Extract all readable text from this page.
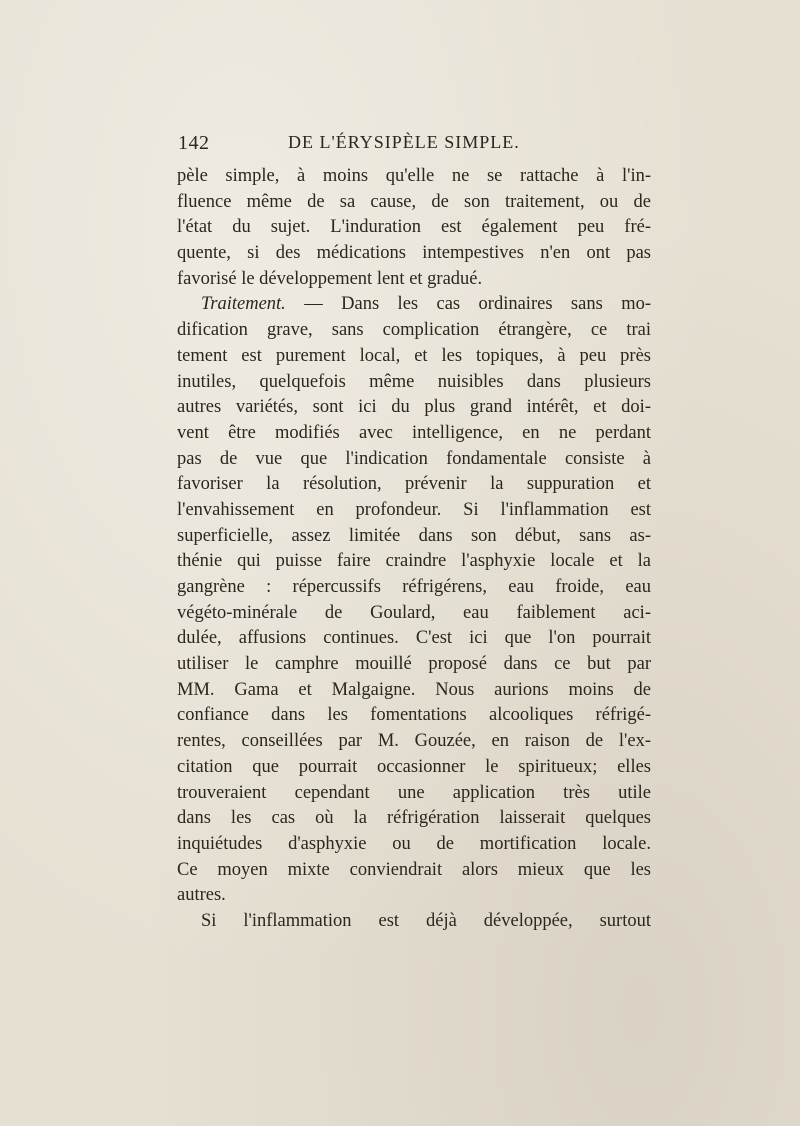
142	DE L'ÉRYSIPÈLE SIMPLE.
pèle simple, à moins qu'elle ne se rattache à l'in-
fluence même de sa cause, de son traitement, ou de
l'état du sujet. L'induration est également peu fré-
quente, si des médications intempestives n'en ont pas
favorisé le développement lent et gradué.
Traitement. — Dans les cas ordinaires sans mo-
dification grave, sans complication étrangère, ce trai
tement est purement local, et les topiques, à peu près
inutiles, quelquefois même nuisibles dans plusieurs
autres variétés, sont ici du plus grand intérêt, et doi-
vent être modifiés avec intelligence, en ne perdant
pas de vue que l'indication fondamentale consiste à
favoriser la résolution, prévenir la suppuration et
l'envahissement en profondeur. Si l'inflammation est
superficielle, assez limitée dans son début, sans as-
thénie qui puisse faire craindre l'asphyxie locale et la
gangrène : répercussifs réfrigérens, eau froide, eau
végéto-minérale de Goulard, eau faiblement aci-
dulée, affusions continues. C'est ici que l'on pourrait
utiliser le camphre mouillé proposé dans ce but par
MM. Gama et Malgaigne. Nous aurions moins de
confiance dans les fomentations alcooliques réfrigé-
rentes, conseillées par M. Gouzée, en raison de l'ex-
citation que pourrait occasionner le spiritueux; elles
trouveraient cependant une application très utile
dans les cas où la réfrigération laisserait quelques
inquiétudes d'asphyxie ou de mortification locale.
Ce moyen mixte conviendrait alors mieux que les
autres.
Si l'inflammation est déjà développée, surtout
